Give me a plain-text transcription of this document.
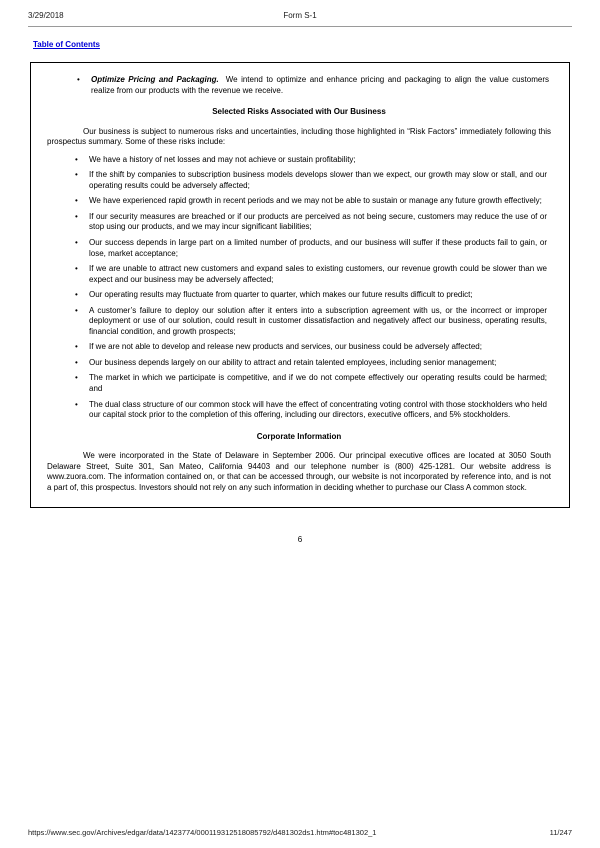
3/29/2018	Form S-1
Table of Contents
• Optimize Pricing and Packaging. We intend to optimize and enhance pricing and packaging to align the value customers realize from our products with the revenue we receive.
Selected Risks Associated with Our Business

Our business is subject to numerous risks and uncertainties, including those highlighted in “Risk Factors” immediately following this prospectus summary. Some of these risks include:

• We have a history of net losses and may not achieve or sustain profitability;
• If the shift by companies to subscription business models develops slower than we expect, our growth may slow or stall, and our operating results could be adversely affected;
• We have experienced rapid growth in recent periods and we may not be able to sustain or manage any future growth effectively;
• If our security measures are breached or if our products are perceived as not being secure, customers may reduce the use of or stop using our products, and we may incur significant liabilities;
• Our success depends in large part on a limited number of products, and our business will suffer if these products fail to gain, or lose, market acceptance;
• If we are unable to attract new customers and expand sales to existing customers, our revenue growth could be slower than we expect and our business may be adversely affected;
• Our operating results may fluctuate from quarter to quarter, which makes our future results difficult to predict;
• A customer’s failure to deploy our solution after it enters into a subscription agreement with us, or the incorrect or improper deployment or use of our solution, could result in customer dissatisfaction and negatively affect our business, operating results, financial condition, and growth prospects;
• If we are not able to develop and release new products and services, our business could be adversely affected;
• Our business depends largely on our ability to attract and retain talented employees, including senior management;
• The market in which we participate is competitive, and if we do not compete effectively our operating results could be harmed; and
• The dual class structure of our common stock will have the effect of concentrating voting control with those stockholders who held our capital stock prior to the completion of this offering, including our directors, executive officers, and 5% stockholders.
Corporate Information

We were incorporated in the State of Delaware in September 2006. Our principal executive offices are located at 3050 South Delaware Street, Suite 301, San Mateo, California 94403 and our telephone number is (800) 425-1281. Our website address is www.zuora.com. The information contained on, or that can be accessed through, our website is not incorporated by reference into, and is not a part of, this prospectus. Investors should not rely on any such information in deciding whether to purchase our Class A common stock.

6
https://www.sec.gov/Archives/edgar/data/1423774/000119312518085792/d481302ds1.htm#toc481302_1	11/247
